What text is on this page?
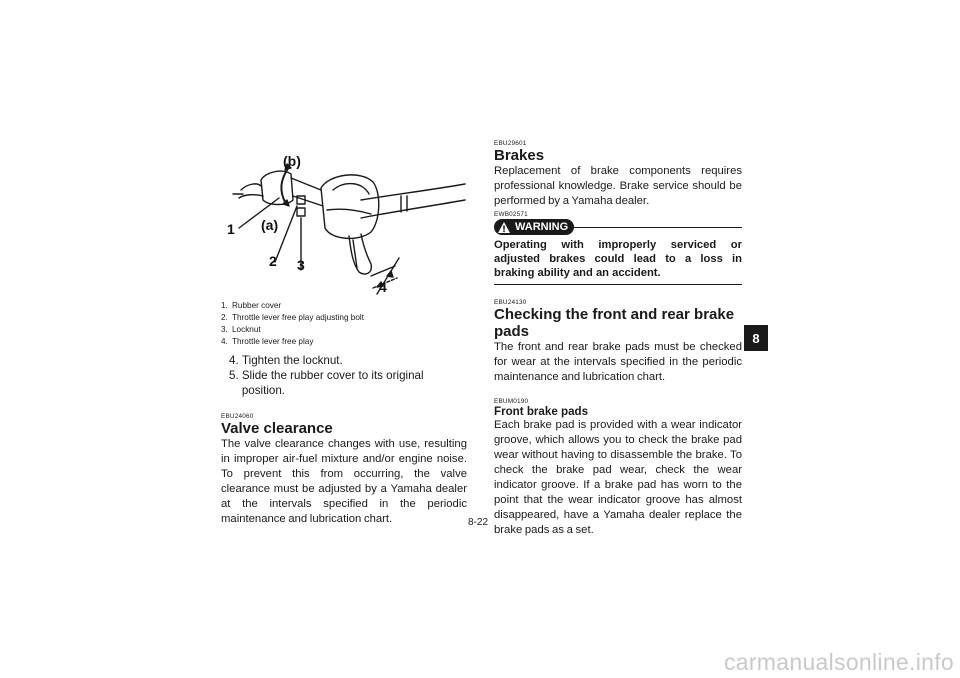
(b)
(a)
1
2 3
4
1. Rubber cover
2. Throttle lever free play adjusting bolt
3. Locknut
4. Throttle lever free play
4. Tighten the locknut.
5. Slide the rubber cover to its original position.
EBU24060
Valve clearance

The valve clearance changes with use, resulting in improper air-fuel mixture and/or engine noise. To prevent this from occurring, the valve clearance must be adjusted by a Yamaha dealer at the intervals specified in the periodic maintenance and lubrication chart.

EBU29601
Brakes

Replacement of brake components requires professional knowledge. Brake service should be performed by a Yamaha dealer.

EWB02571
WARNING
Operating with improperly serviced or adjusted brakes could lead to a loss in braking ability and an accident.
EBU24130
Checking the front and rear brake pads

The front and rear brake pads must be checked for wear at the intervals specified in the periodic maintenance and lubrication chart.

EBUM0190
Front brake pads

Each brake pad is provided with a wear indicator groove, which allows you to check the brake pad wear without having to disassemble the brake. To check the brake pad wear, check the wear indicator groove. If a brake pad has worn to the point that the wear indicator groove has almost disappeared, have a Yamaha dealer replace the brake pads as a set.

8-22
8
carmanualsonline.info
